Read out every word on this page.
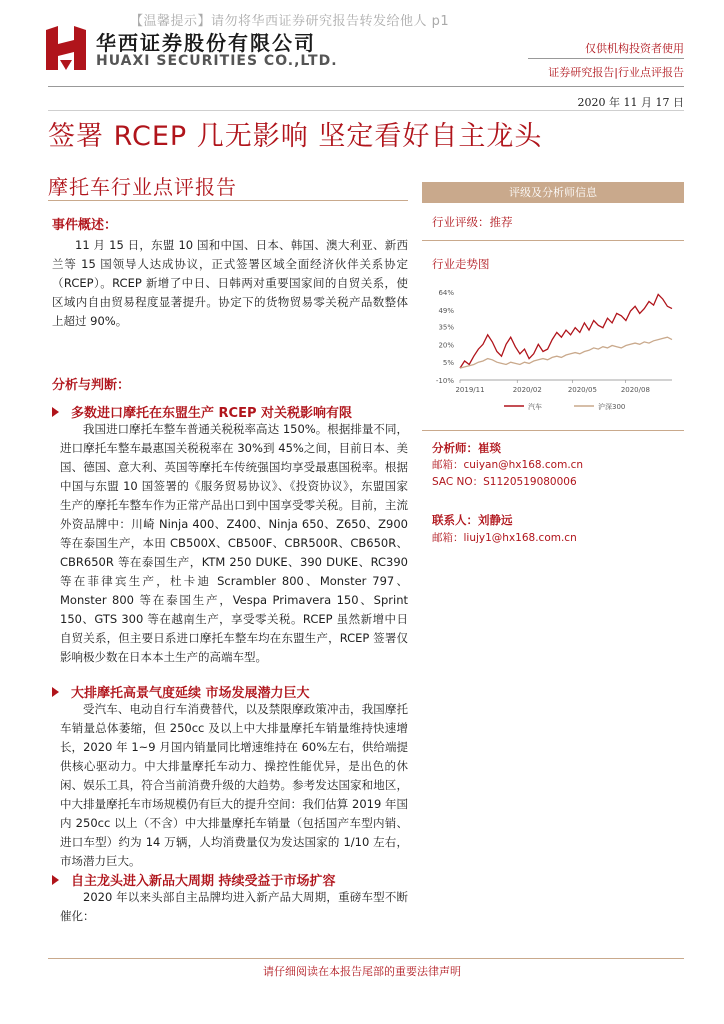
【温馨提示】请勿将华西证券研究报告转发给他人 p1
华西证券股份有限公司
HUAXI SECURITIES CO.,LTD.
仅供机构投资者使用
证券研究报告|行业点评报告
2020 年 11 月 17 日
签署 RCEP 几无影响 坚定看好自主龙头
摩托车行业点评报告
事件概述：

11 月 15 日，东盟 10 国和中国、日本、韩国、澳大利亚、新西兰等 15 国领导人达成协议，正式签署区域全面经济伙伴关系协定（RCEP）。RCEP 新增了中日、日韩两对重要国家间的自贸关系，使区域内自由贸易程度显著提升。协定下的货物贸易零关税产品数整体上超过 90%。

分析与判断：
多数进口摩托在东盟生产 RCEP 对关税影响有限

我国进口摩托车整车普通关税税率高达 150%。根据排量不同，进口摩托车整车最惠国关税税率在 30%到 45%之间，目前日本、美国、德国、意大利、英国等摩托车传统强国均享受最惠国税率。根据中国与东盟 10 国签署的《服务贸易协议》、《投资协议》，东盟国家生产的摩托车整车作为正常产品出口到中国享受零关税。目前，主流外资品牌中：川崎 Ninja 400、Z400、Ninja 650、Z650、Z900 等在泰国生产，本田 CB500X、CB500F、CBR500R、CB650R、CBR650R 等在泰国生产，KTM 250 DUKE、390 DUKE、RC390 等在菲律宾生产，杜卡迪 Scrambler 800、Monster 797、Monster 800 等在泰国生产，Vespa Primavera 150、Sprint 150、GTS 300 等在越南生产，享受零关税。RCEP 虽然新增中日自贸关系，但主要日系进口摩托车整车均在东盟生产，RCEP 签署仅影响极少数在日本本土生产的高端车型。

大排摩托高景气度延续 市场发展潜力巨大

受汽车、电动自行车消费替代，以及禁限摩政策冲击，我国摩托车销量总体萎缩，但 250cc 及以上中大排量摩托车销量维持快速增长，2020 年 1~9 月国内销量同比增速维持在 60%左右，供给端提供核心驱动力。中大排量摩托车动力、操控性能优异，是出色的休闲、娱乐工具，符合当前消费升级的大趋势。参考发达国家和地区，中大排量摩托车市场规模仍有巨大的提升空间：我们估算 2019 年国内 250cc 以上（不含）中大排量摩托车销量（包括国产车型内销、进口车型）约为 14 万辆，人均消费量仅为发达国家的 1/10 左右，市场潜力巨大。

自主龙头进入新品大周期 持续受益于市场扩容

2020 年以来头部自主品牌均进入新产品大周期，重磅车型不断催化：

评级及分析师信息
行业评级：推荐
行业走势图
64%
49%
35%
20%
5%
-10%
2019/11	2020/02	2020/05	2020/08
汽车	沪深300
分析师：崔琰
邮箱：cuiyan@hx168.com.cn
SAC NO：S1120519080006
联系人：刘静远
邮箱：liujy1@hx168.com.cn
请仔细阅读在本报告尾部的重要法律声明
